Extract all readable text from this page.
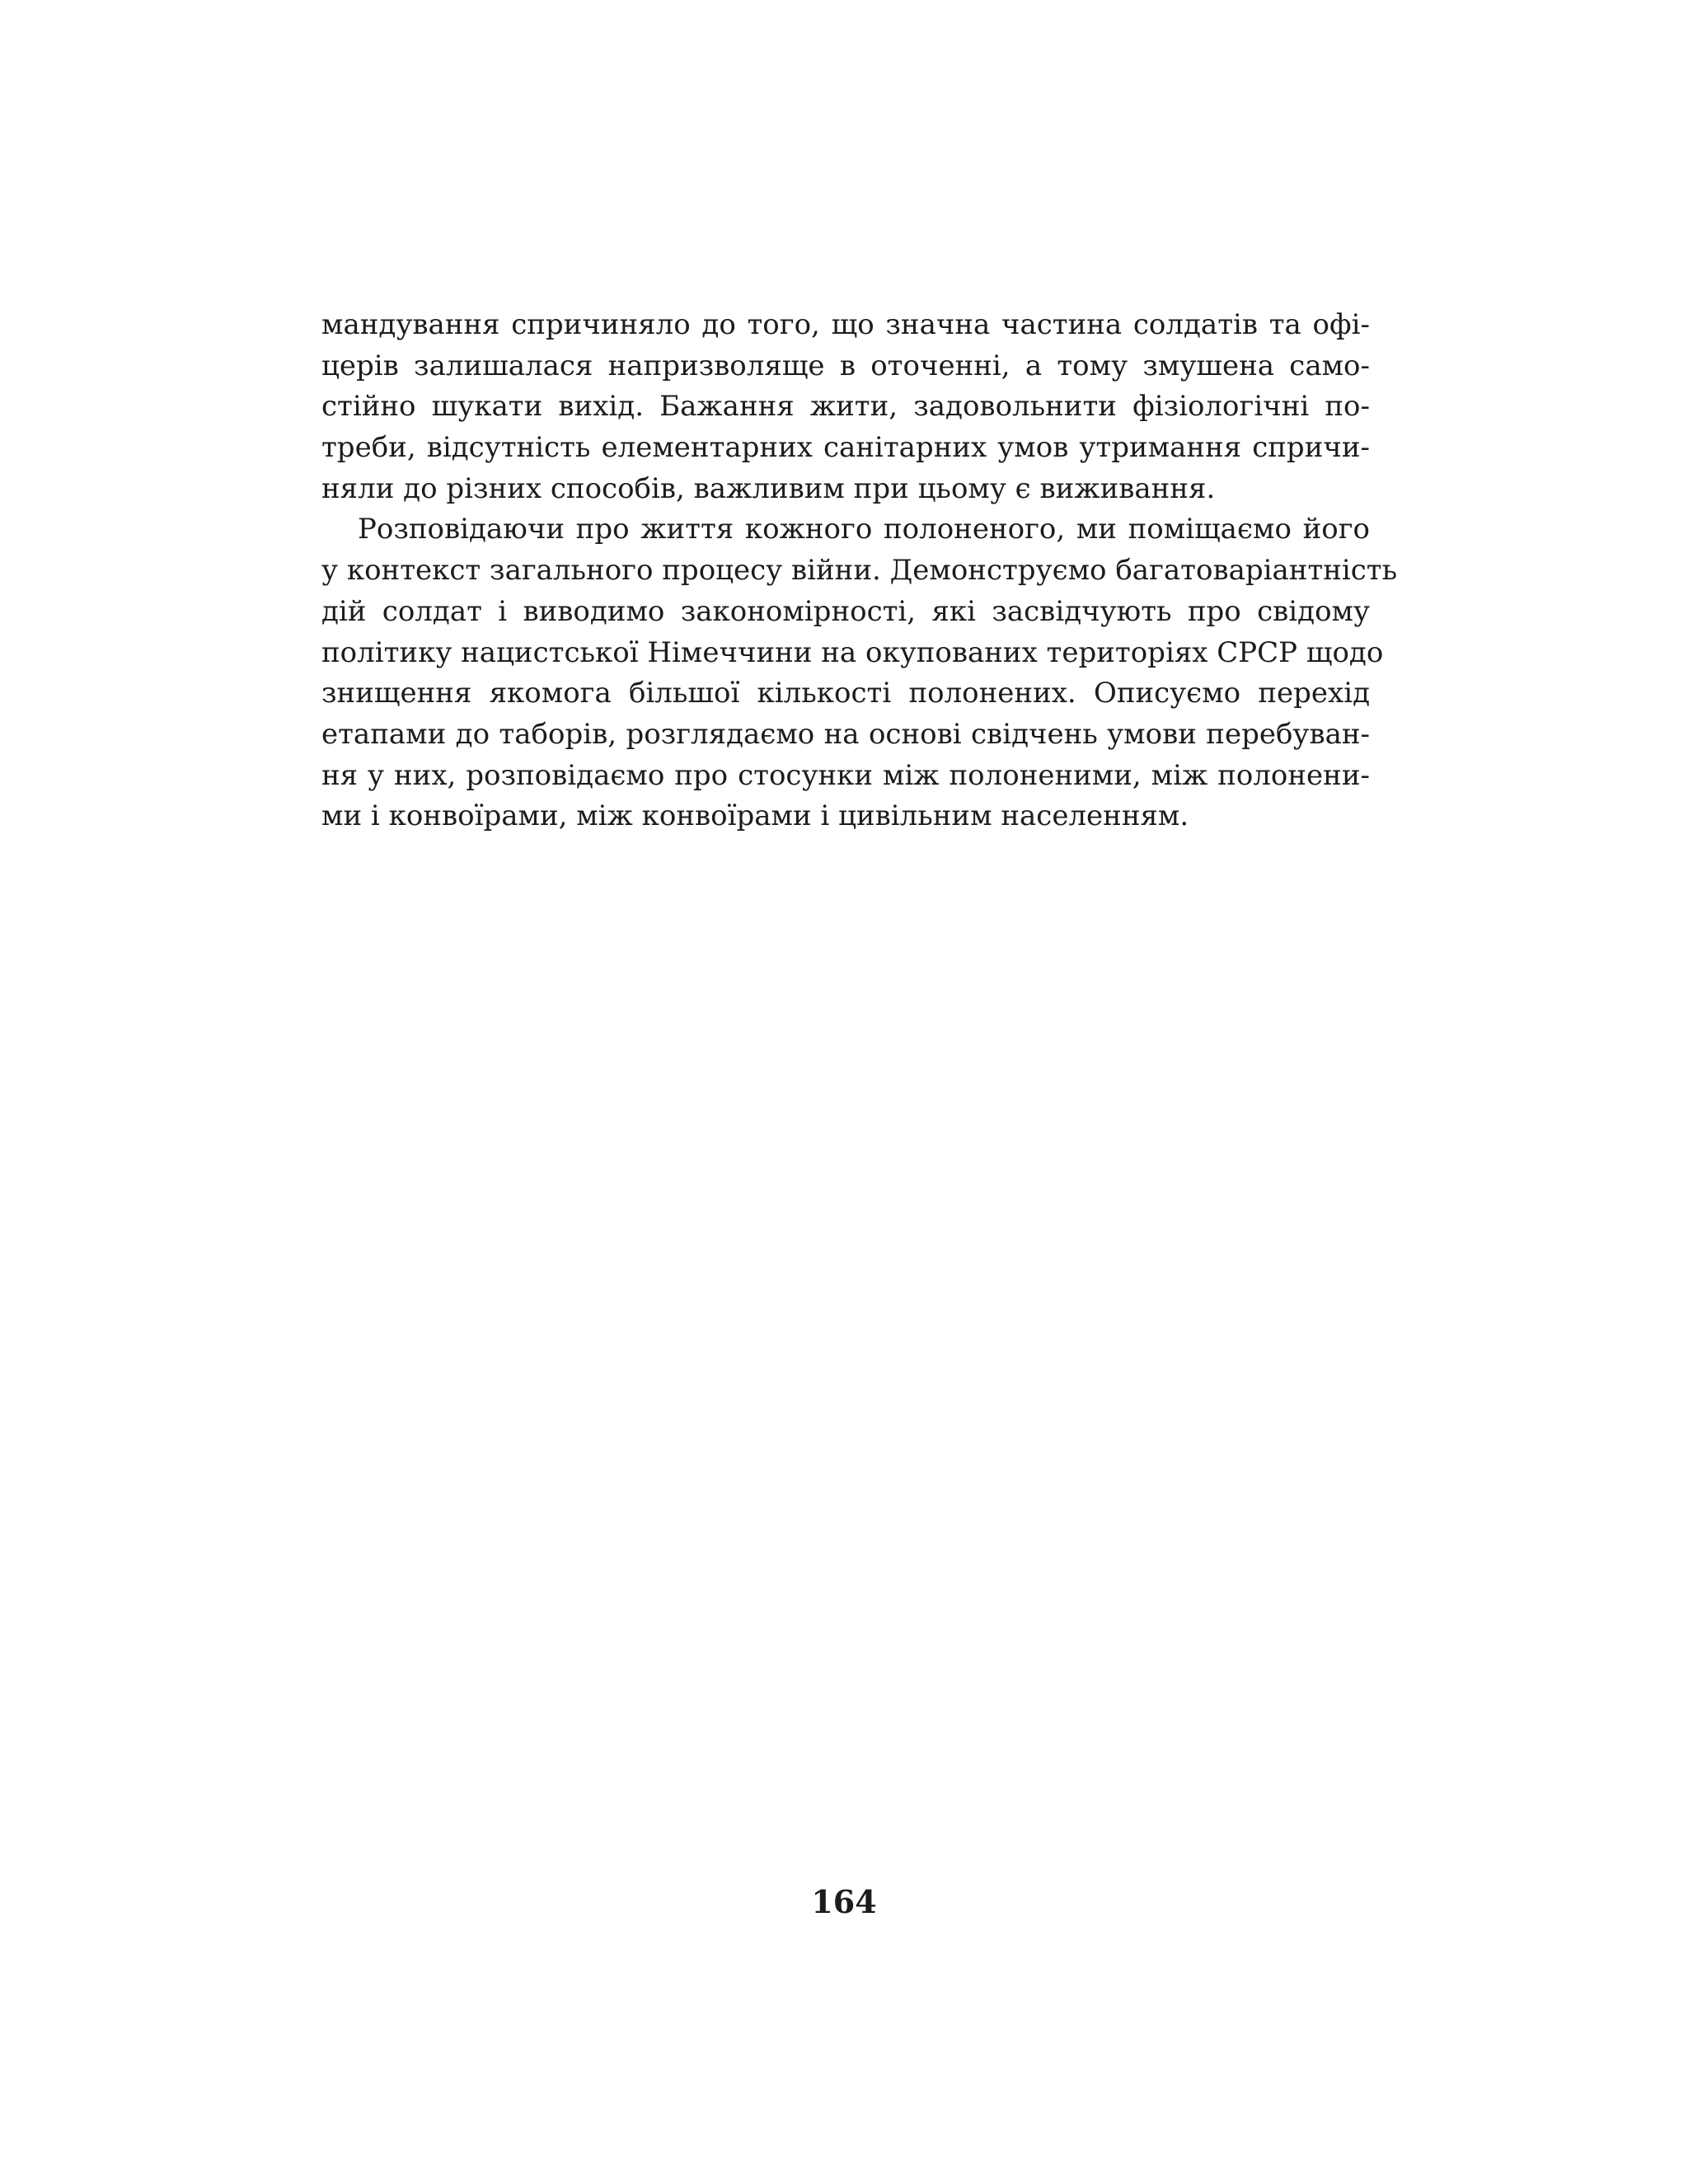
мандування спричиняло до того, що значна частина солдатів та офі-
церів залишалася напризволяще в оточенні, а тому змушена само-
стійно шукати вихід. Бажання жити, задовольнити фізіологічні по-
треби, відсутність елементарних санітарних умов утримання спричи-
няли до різних способів, важливим при цьому є виживання.
Розповідаючи про життя кожного полоненого, ми поміщаємо його
у контекст загального процесу війни. Демонструємо багатоваріантність
дій солдат і виводимо закономірності, які засвідчують про свідому
політику нацистської Німеччини на окупованих територіях СРСР щодо
знищення якомога більшої кількості полонених. Описуємо перехід
етапами до таборів, розглядаємо на основі свідчень умови перебуван-
ня у них, розповідаємо про стосунки між полоненими, між полонени-
ми і конвоїрами, між конвоїрами і цивільним населенням.
164
